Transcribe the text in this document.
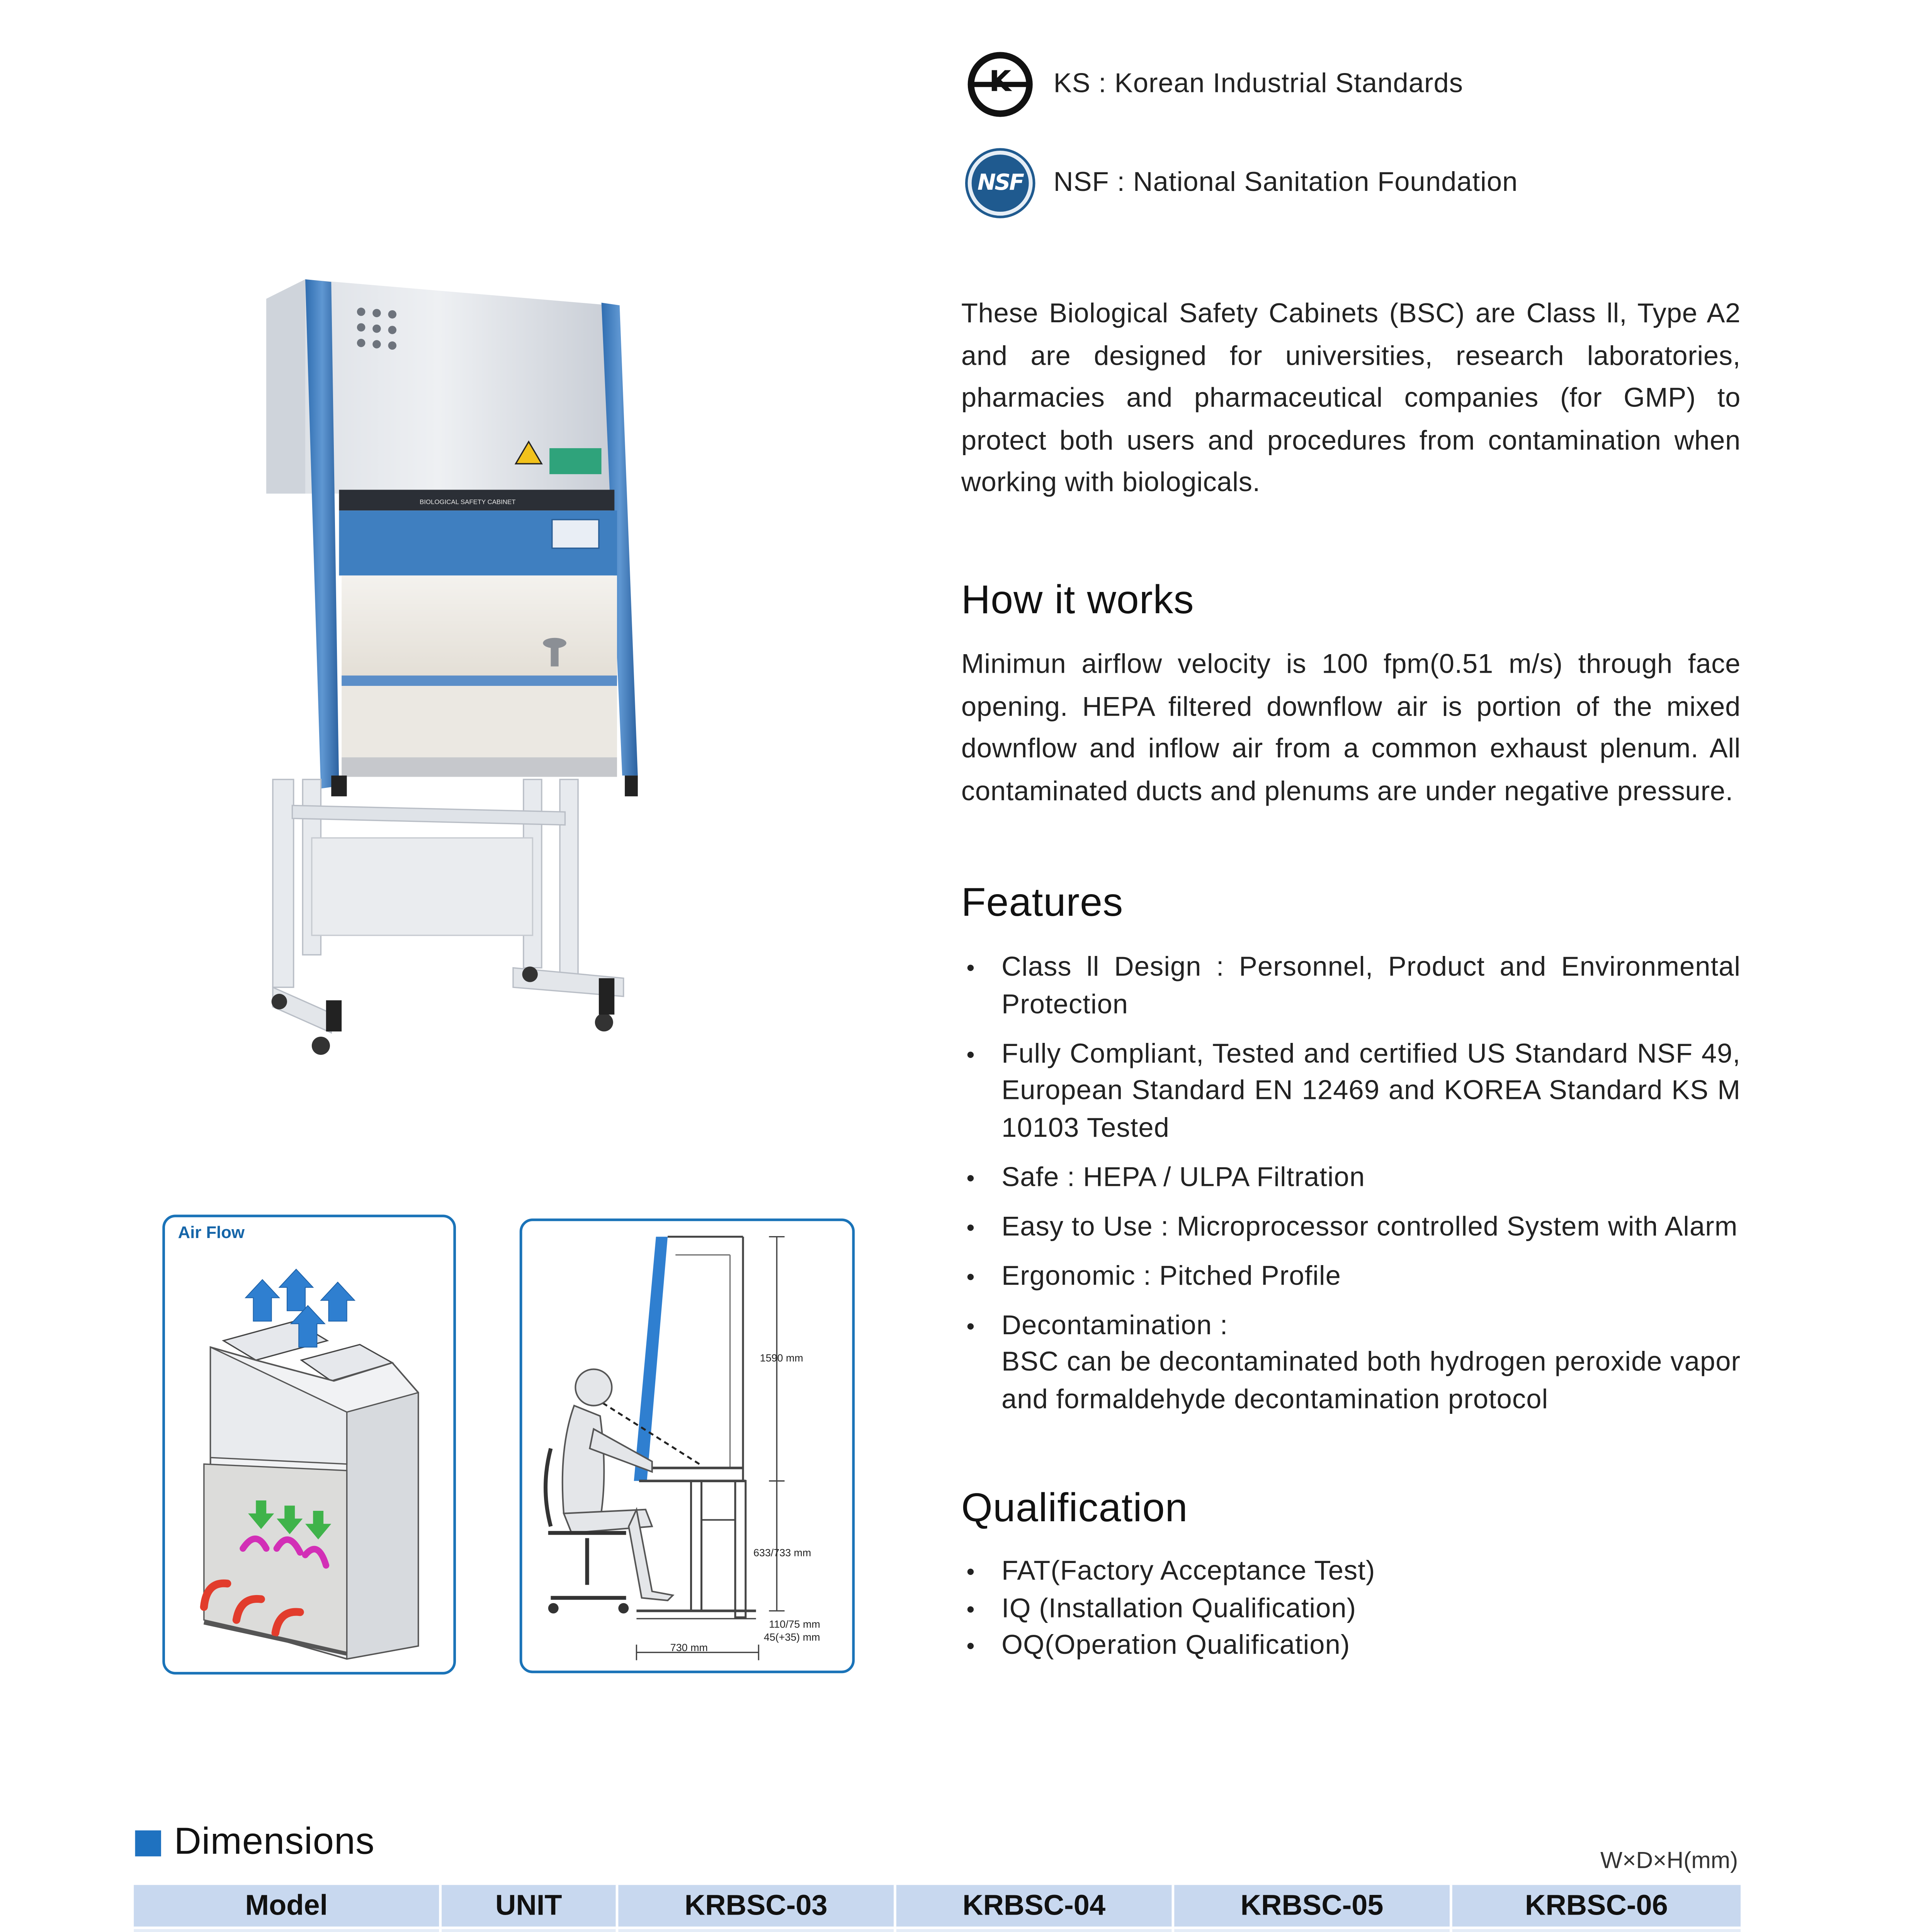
K	KS : Korean Industrial Standards
NSF	NSF : National Sanitation Foundation
These Biological Safety Cabinets (BSC) are Class ll, Type A2 and are designed for universities, research laboratories, pharmacies and pharmaceutical companies (for GMP) to protect both users and procedures from contamination when working with biologicals.
How it works
Minimun airflow velocity is 100 fpm(0.51 m/s) through face opening. HEPA filtered downflow air is portion of the mixed downflow and inflow air from a common exhaust plenum. All contaminated ducts and plenums are under negative pressure.
Features
• Class ll Design : Personnel, Product and Environmental Protection
• Fully Compliant, Tested and certified US Standard NSF 49, European Standard EN 12469 and KOREA Standard KS M 10103 Tested
• Safe : HEPA / ULPA Filtration
• Easy to Use : Microprocessor controlled System with Alarm
• Ergonomic : Pitched Profile
• Decontamination :
BSC can be decontaminated both hydrogen peroxide vapor and formaldehyde decontamination protocol
Qualification
• FAT(Factory Acceptance Test)
• IQ (Installation Qualification)
• OQ(Operation Qualification)
BIOLOGICAL SAFETY CABINET
Air Flow
1590 mm
633/733 mm
110/75 mm
45(+35) mm
730 mm
Dimensions	W×D×H(mm)
Model	UNIT	KRBSC-03	KRBSC-04	KRBSC-05	KRBSC-06
